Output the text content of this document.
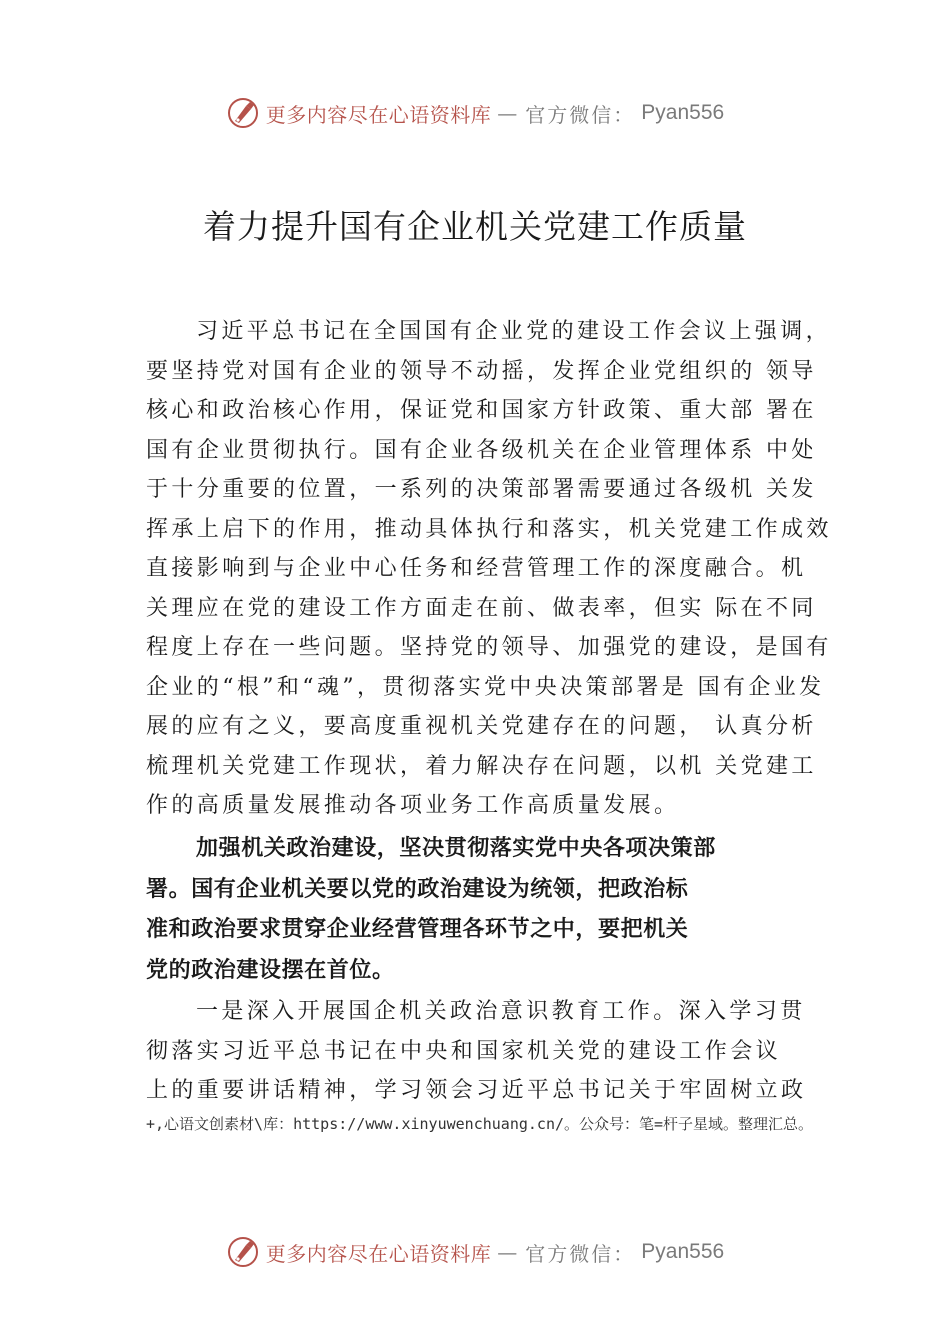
更多内容尽在心语资料库 — 官方微信： Pyan556
着力提升国有企业机关党建工作质量
习近平总书记在全国国有企业党的建设工作会议上强调，
要坚持党对国有企业的领导不动摇，发挥企业党组织的 领导
核心和政治核心作用，保证党和国家方针政策、重大部 署在
国有企业贯彻执行。国有企业各级机关在企业管理体系 中处
于十分重要的位置，一系列的决策部署需要通过各级机 关发
挥承上启下的作用，推动具体执行和落实，机关党建工作成效
直接影响到与企业中心任务和经营管理工作的深度融合。机
关理应在党的建设工作方面走在前、做表率，但实 际在不同
程度上存在一些问题。坚持党的领导、加强党的建设，是国有
企业的“根”和“魂”，贯彻落实党中央决策部署是 国有企业发
展的应有之义，要高度重视机关党建存在的问题， 认真分析
梳理机关党建工作现状，着力解决存在问题，以机 关党建工
作的高质量发展推动各项业务工作高质量发展。
加强机关政治建设，坚决贯彻落实党中央各项决策部
署。国有企业机关要以党的政治建设为统领，把政治标
准和政治要求贯穿企业经营管理各环节之中，要把机关
党的政治建设摆在首位。
一是深入开展国企机关政治意识教育工作。深入学习贯
彻落实习近平总书记在中央和国家机关党的建设工作会议
上的重要讲话精神，学习领会习近平总书记关于牢固树立政
+,心语文创素材\库：https://www.xinyuwenchuang.cn/。公众号：笔=杆子星域。整理汇总。
更多内容尽在心语资料库 — 官方微信： Pyan556
